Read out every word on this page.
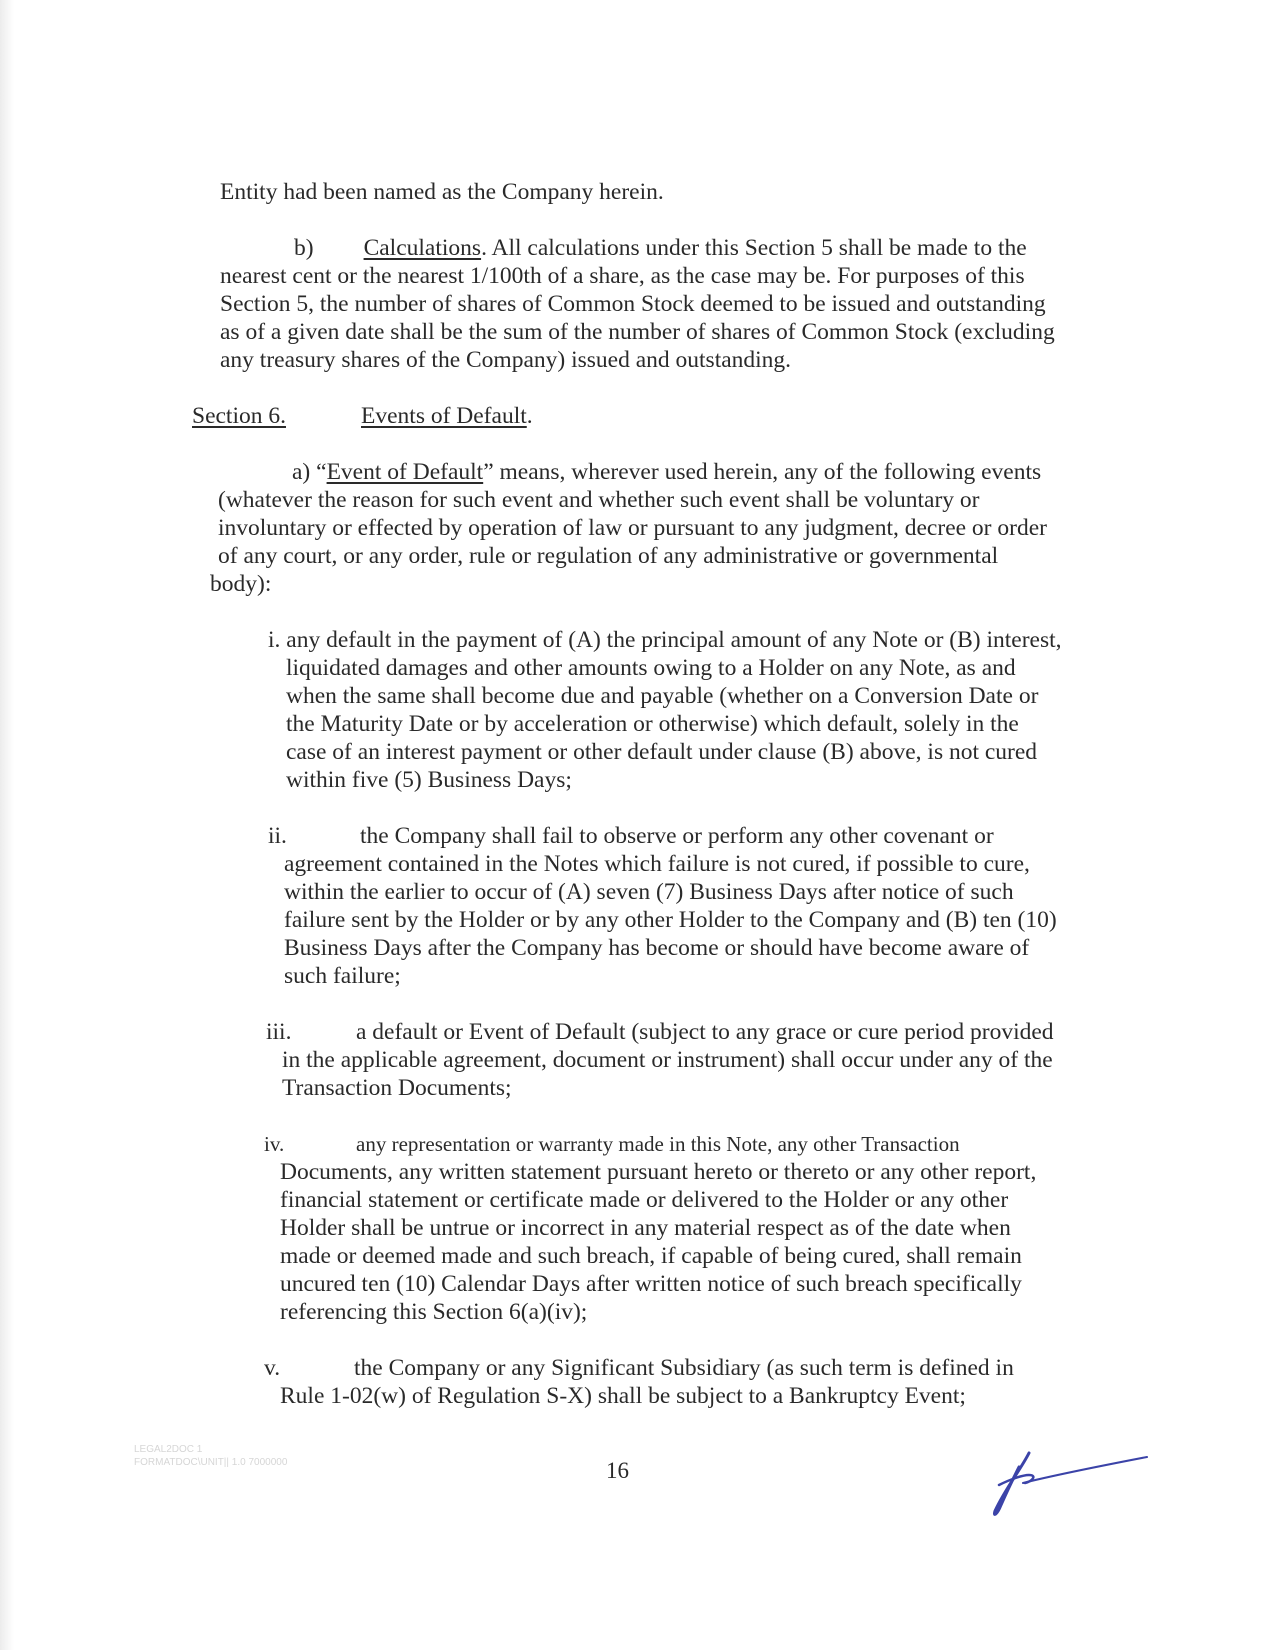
Entity had been named as the Company herein.

b) Calculations. All calculations under this Section 5 shall be made to the

nearest cent or the nearest 1/100th of a share, as the case may be. For purposes of this

Section 5, the number of shares of Common Stock deemed to be issued and outstanding

as of a given date shall be the sum of the number of shares of Common Stock (excluding

any treasury shares of the Company) issued and outstanding.

Section 6.	Events of Default.

a) “Event of Default” means, wherever used herein, any of the following events

(whatever the reason for such event and whether such event shall be voluntary or

involuntary or effected by operation of law or pursuant to any judgment, decree or order

of any court, or any order, rule or regulation of any administrative or governmental

body):

i. any default in the payment of (A) the principal amount of any Note or (B) interest,

liquidated damages and other amounts owing to a Holder on any Note, as and

when the same shall become due and payable (whether on a Conversion Date or

the Maturity Date or by acceleration or otherwise) which default, solely in the

case of an interest payment or other default under clause (B) above, is not cured

within five (5) Business Days;

ii.	the Company shall fail to observe or perform any other covenant or

agreement contained in the Notes which failure is not cured, if possible to cure,

within the earlier to occur of (A) seven (7) Business Days after notice of such

failure sent by the Holder or by any other Holder to the Company and (B) ten (10)

Business Days after the Company has become or should have become aware of

such failure;

iii.	a default or Event of Default (subject to any grace or cure period provided

in the applicable agreement, document or instrument) shall occur under any of the

Transaction Documents;

iv.	any representation or warranty made in this Note, any other Transaction

Documents, any written statement pursuant hereto or thereto or any other report,

financial statement or certificate made or delivered to the Holder or any other

Holder shall be untrue or incorrect in any material respect as of the date when

made or deemed made and such breach, if capable of being cured, shall remain

uncured ten (10) Calendar Days after written notice of such breach specifically

referencing this Section 6(a)(iv);

v.	the Company or any Significant Subsidiary (as such term is defined in

Rule 1-02(w) of Regulation S-X) shall be subject to a Bankruptcy Event;

LEGAL2DOC 1
FORMATDOC\UNIT|| 1.0 7000000	16
